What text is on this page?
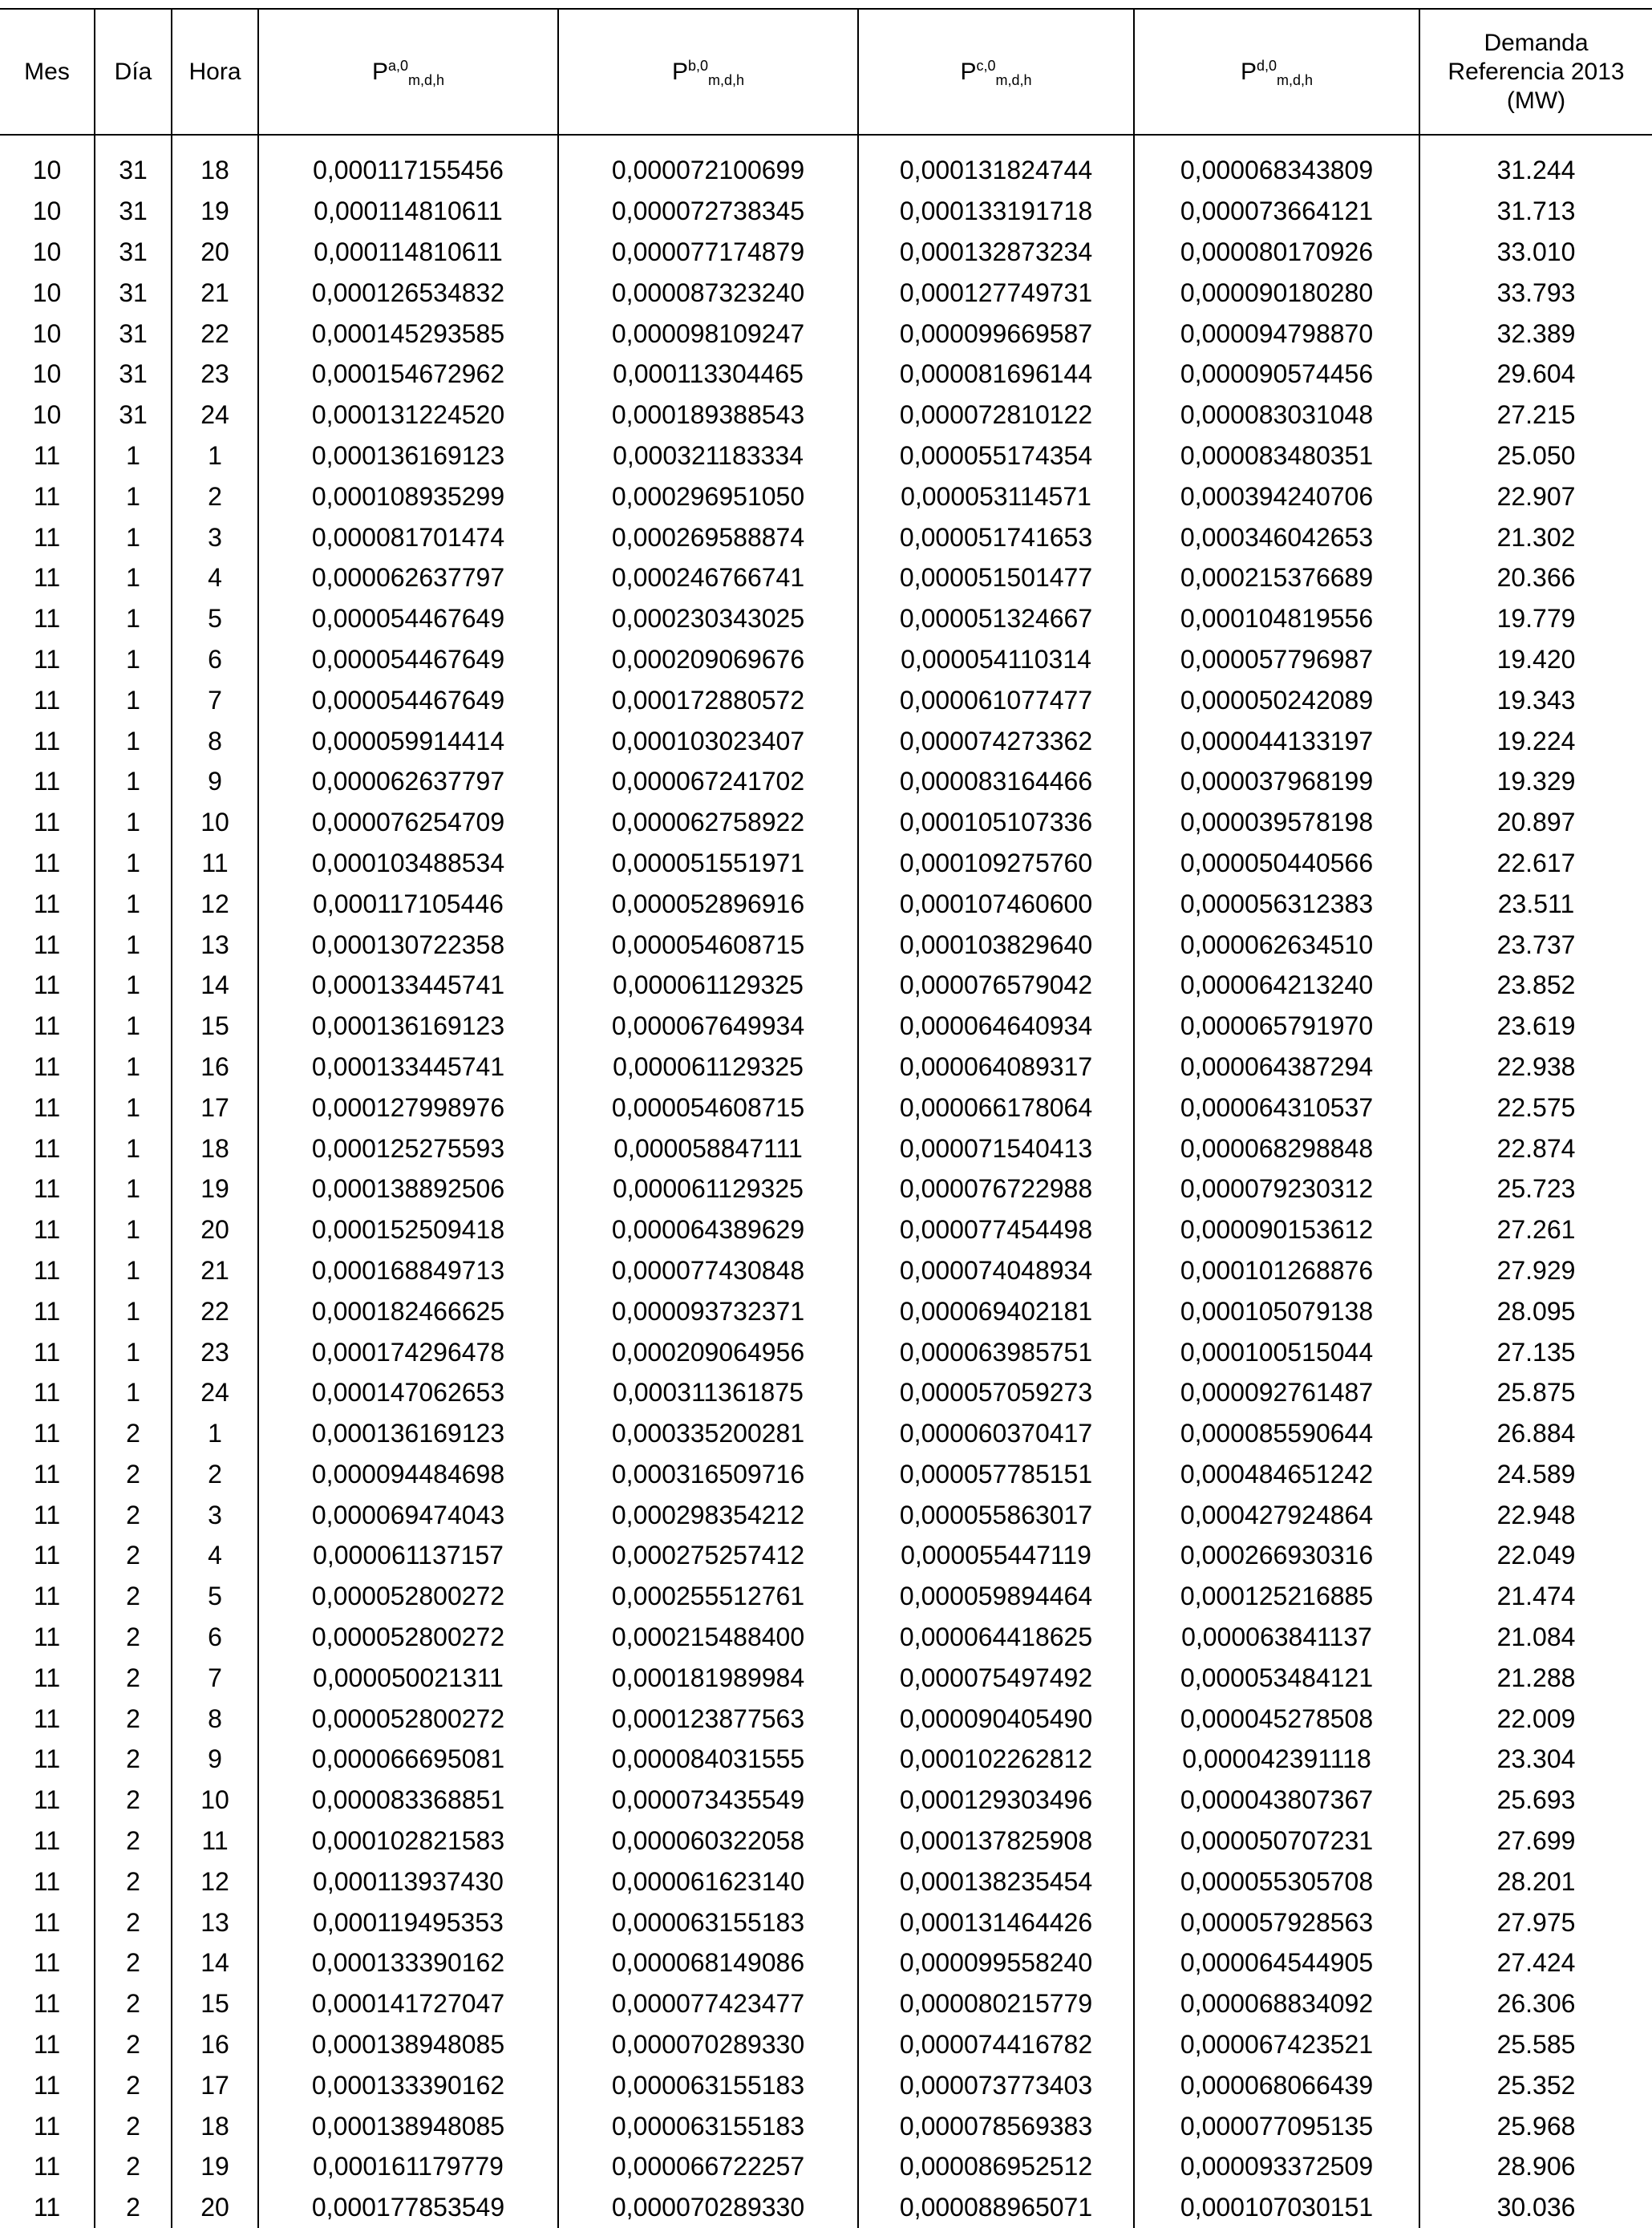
Mes	Día	Hora	P$^{a,0}_{m,d,h}$	P$^{b,0}_{m,d,h}$	P$^{c,0}_{m,d,h}$	P$^{d,0}_{m,d,h}$	Demanda
Referencia 2013
(MW)
10	31	18	0,000117155456	0,000072100699	0,000131824744	0,000068343809	31.244
10	31	19	0,000114810611	0,000072738345	0,000133191718	0,000073664121	31.713
10	31	20	0,000114810611	0,000077174879	0,000132873234	0,000080170926	33.010
10	31	21	0,000126534832	0,000087323240	0,000127749731	0,000090180280	33.793
10	31	22	0,000145293585	0,000098109247	0,000099669587	0,000094798870	32.389
10	31	23	0,000154672962	0,000113304465	0,000081696144	0,000090574456	29.604
10	31	24	0,000131224520	0,000189388543	0,000072810122	0,000083031048	27.215
11	1	1	0,000136169123	0,000321183334	0,000055174354	0,000083480351	25.050
11	1	2	0,000108935299	0,000296951050	0,000053114571	0,000394240706	22.907
11	1	3	0,000081701474	0,000269588874	0,000051741653	0,000346042653	21.302
11	1	4	0,000062637797	0,000246766741	0,000051501477	0,000215376689	20.366
11	1	5	0,000054467649	0,000230343025	0,000051324667	0,000104819556	19.779
11	1	6	0,000054467649	0,000209069676	0,000054110314	0,000057796987	19.420
11	1	7	0,000054467649	0,000172880572	0,000061077477	0,000050242089	19.343
11	1	8	0,000059914414	0,000103023407	0,000074273362	0,000044133197	19.224
11	1	9	0,000062637797	0,000067241702	0,000083164466	0,000037968199	19.329
11	1	10	0,000076254709	0,000062758922	0,000105107336	0,000039578198	20.897
11	1	11	0,000103488534	0,000051551971	0,000109275760	0,000050440566	22.617
11	1	12	0,000117105446	0,000052896916	0,000107460600	0,000056312383	23.511
11	1	13	0,000130722358	0,000054608715	0,000103829640	0,000062634510	23.737
11	1	14	0,000133445741	0,000061129325	0,000076579042	0,000064213240	23.852
11	1	15	0,000136169123	0,000067649934	0,000064640934	0,000065791970	23.619
11	1	16	0,000133445741	0,000061129325	0,000064089317	0,000064387294	22.938
11	1	17	0,000127998976	0,000054608715	0,000066178064	0,000064310537	22.575
11	1	18	0,000125275593	0,000058847111	0,000071540413	0,000068298848	22.874
11	1	19	0,000138892506	0,000061129325	0,000076722988	0,000079230312	25.723
11	1	20	0,000152509418	0,000064389629	0,000077454498	0,000090153612	27.261
11	1	21	0,000168849713	0,000077430848	0,000074048934	0,000101268876	27.929
11	1	22	0,000182466625	0,000093732371	0,000069402181	0,000105079138	28.095
11	1	23	0,000174296478	0,000209064956	0,000063985751	0,000100515044	27.135
11	1	24	0,000147062653	0,000311361875	0,000057059273	0,000092761487	25.875
11	2	1	0,000136169123	0,000335200281	0,000060370417	0,000085590644	26.884
11	2	2	0,000094484698	0,000316509716	0,000057785151	0,000484651242	24.589
11	2	3	0,000069474043	0,000298354212	0,000055863017	0,000427924864	22.948
11	2	4	0,000061137157	0,000275257412	0,000055447119	0,000266930316	22.049
11	2	5	0,000052800272	0,000255512761	0,000059894464	0,000125216885	21.474
11	2	6	0,000052800272	0,000215488400	0,000064418625	0,000063841137	21.084
11	2	7	0,000050021311	0,000181989984	0,000075497492	0,000053484121	21.288
11	2	8	0,000052800272	0,000123877563	0,000090405490	0,000045278508	22.009
11	2	9	0,000066695081	0,000084031555	0,000102262812	0,000042391118	23.304
11	2	10	0,000083368851	0,000073435549	0,000129303496	0,000043807367	25.693
11	2	11	0,000102821583	0,000060322058	0,000137825908	0,000050707231	27.699
11	2	12	0,000113937430	0,000061623140	0,000138235454	0,000055305708	28.201
11	2	13	0,000119495353	0,000063155183	0,000131464426	0,000057928563	27.975
11	2	14	0,000133390162	0,000068149086	0,000099558240	0,000064544905	27.424
11	2	15	0,000141727047	0,000077423477	0,000080215779	0,000068834092	26.306
11	2	16	0,000138948085	0,000070289330	0,000074416782	0,000067423521	25.585
11	2	17	0,000133390162	0,000063155183	0,000073773403	0,000068066439	25.352
11	2	18	0,000138948085	0,000063155183	0,000078569383	0,000077095135	25.968
11	2	19	0,000161179779	0,000066722257	0,000086952512	0,000093372509	28.906
11	2	20	0,000177853549	0,000070289330	0,000088965071	0,000107030151	30.036
